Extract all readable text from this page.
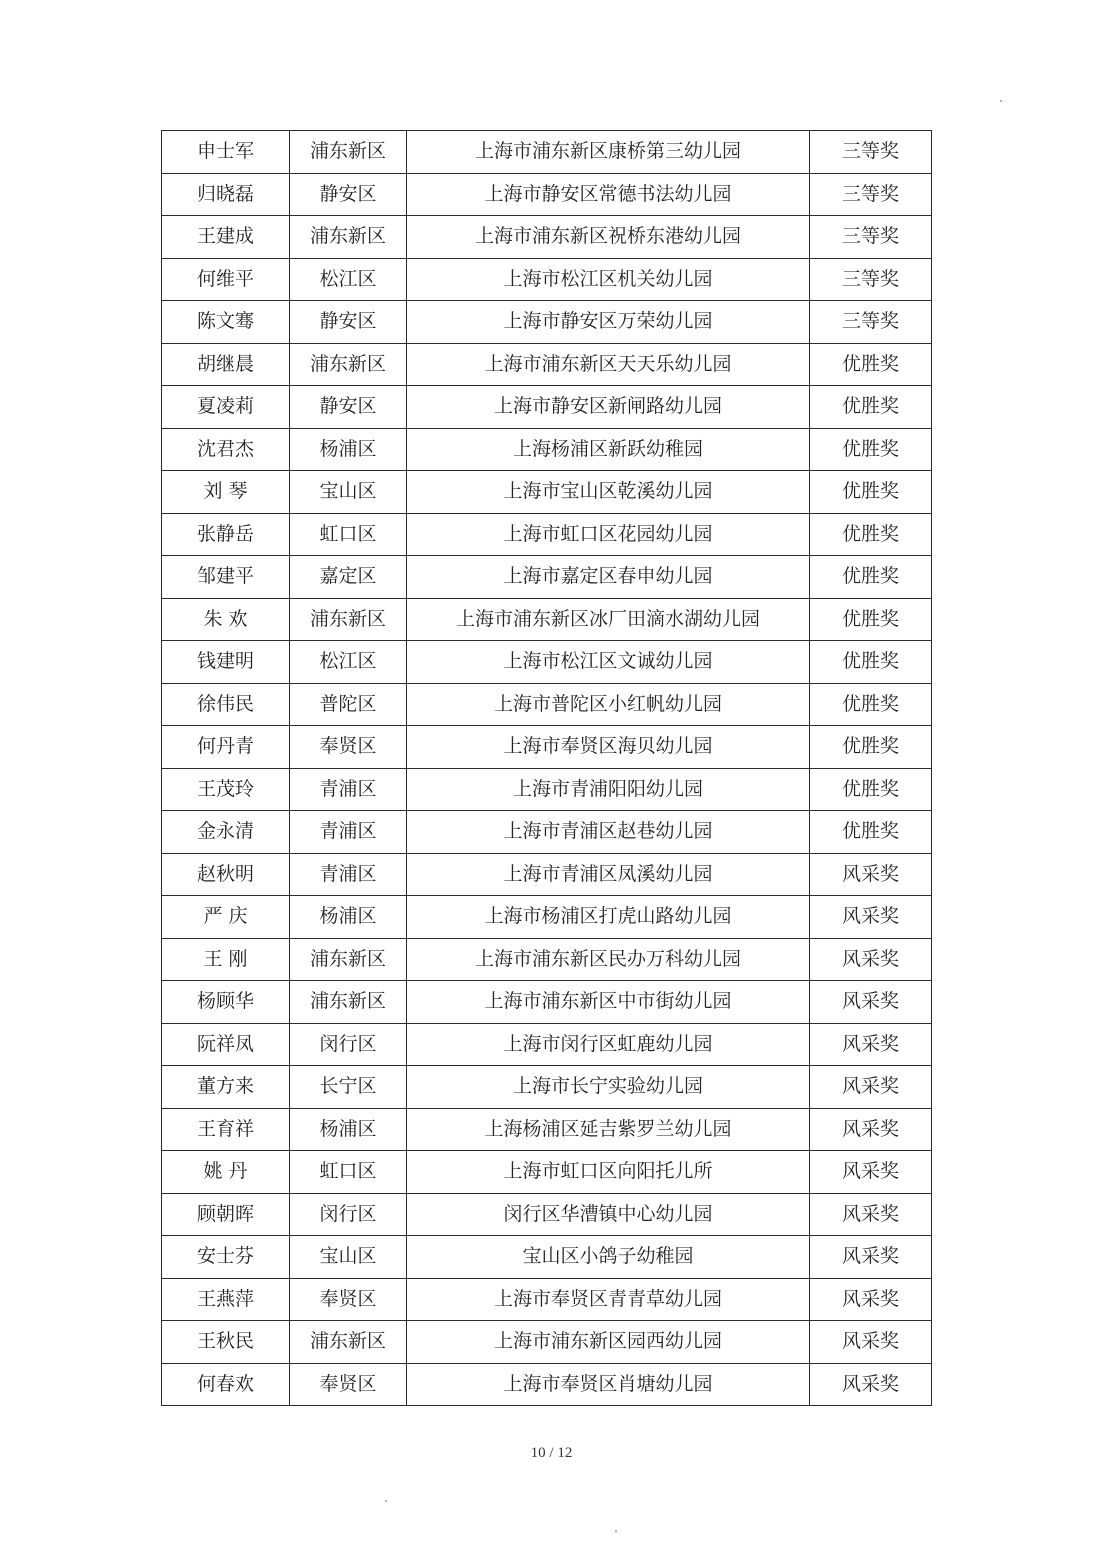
申士军	浦东新区	上海市浦东新区康桥第三幼儿园	三等奖
归晓磊	静安区	上海市静安区常德书法幼儿园	三等奖
王建成	浦东新区	上海市浦东新区祝桥东港幼儿园	三等奖
何维平	松江区	上海市松江区机关幼儿园	三等奖
陈文骞	静安区	上海市静安区万荣幼儿园	三等奖
胡继晨	浦东新区	上海市浦东新区天天乐幼儿园	优胜奖
夏凌莉	静安区	上海市静安区新闸路幼儿园	优胜奖
沈君杰	杨浦区	上海杨浦区新跃幼稚园	优胜奖
刘 琴	宝山区	上海市宝山区乾溪幼儿园	优胜奖
张静岳	虹口区	上海市虹口区花园幼儿园	优胜奖
邹建平	嘉定区	上海市嘉定区春申幼儿园	优胜奖
朱 欢	浦东新区	上海市浦东新区冰厂田滴水湖幼儿园	优胜奖
钱建明	松江区	上海市松江区文诚幼儿园	优胜奖
徐伟民	普陀区	上海市普陀区小红帆幼儿园	优胜奖
何丹青	奉贤区	上海市奉贤区海贝幼儿园	优胜奖
王茂玲	青浦区	上海市青浦阳阳幼儿园	优胜奖
金永清	青浦区	上海市青浦区赵巷幼儿园	优胜奖
赵秋明	青浦区	上海市青浦区凤溪幼儿园	风采奖
严 庆	杨浦区	上海市杨浦区打虎山路幼儿园	风采奖
王 刚	浦东新区	上海市浦东新区民办万科幼儿园	风采奖
杨顾华	浦东新区	上海市浦东新区中市街幼儿园	风采奖
阮祥凤	闵行区	上海市闵行区虹鹿幼儿园	风采奖
董方来	长宁区	上海市长宁实验幼儿园	风采奖
王育祥	杨浦区	上海杨浦区延吉紫罗兰幼儿园	风采奖
姚 丹	虹口区	上海市虹口区向阳托儿所	风采奖
顾朝晖	闵行区	闵行区华漕镇中心幼儿园	风采奖
安士芬	宝山区	宝山区小鸽子幼稚园	风采奖
王燕萍	奉贤区	上海市奉贤区青青草幼儿园	风采奖
王秋民	浦东新区	上海市浦东新区园西幼儿园	风采奖
何春欢	奉贤区	上海市奉贤区肖塘幼儿园	风采奖
10 / 12
